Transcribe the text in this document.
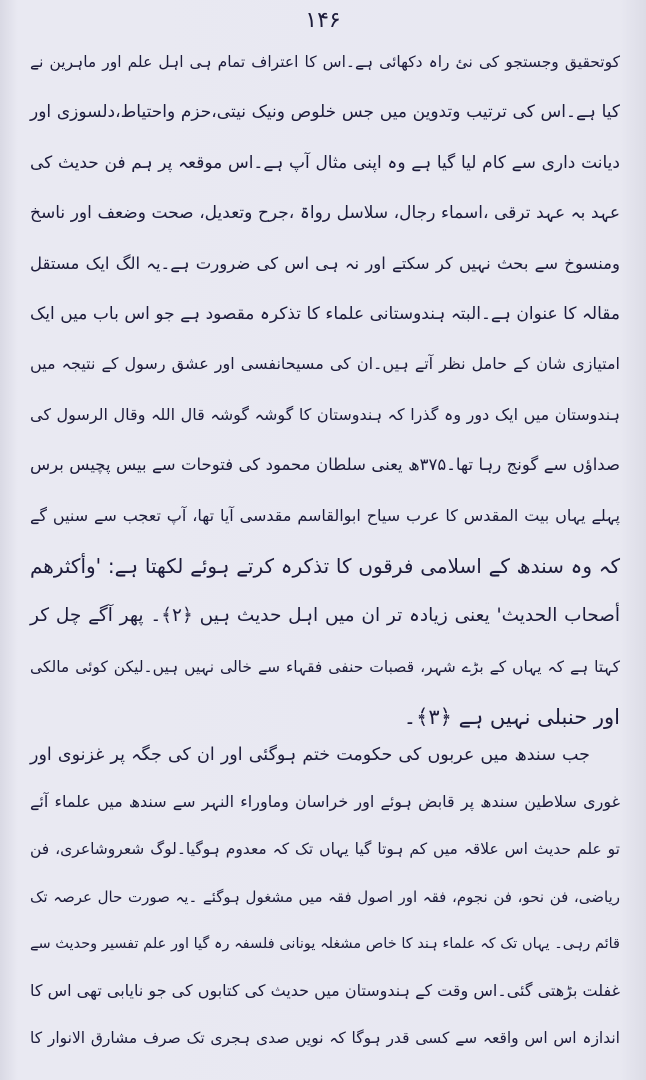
۱۴۶
کوتحقیق وجستجو کی نئ راہ دکھائی ہے۔اس کا اعتراف تمام ہی اہل علم اور ماہرین نے
کیا ہے۔اس کی ترتیب وتدوین میں جس خلوص ونیک نیتی،حزم واحتیاط،دلسوزی اور
دیانت داری سے کام لیا گیا ہے وہ اپنی مثال آپ ہے۔اس موقعہ پر ہم فن حدیث کی
عہد بہ عہد ترقی ،اسماء رجال، سلاسل رواۃ ،جرح وتعدیل، صحت وضعف اور ناسخ
ومنسوخ سے بحث نہیں کر سکتے اور نہ ہی اس کی ضرورت ہے۔یہ الگ ایک مستقل
مقالہ کا عنوان ہے۔البتہ ہندوستانی علماء کا تذکرہ مقصود ہے جو اس باب میں ایک
امتیازی شان کے حامل نظر آتے ہیں۔ان کی مسیحانفسی اور عشق رسول کے نتیجہ میں
ہندوستان میں ایک دور وہ گذرا کہ ہندوستان کا گوشہ گوشہ قال اللہ وقال الرسول کی
صداؤں سے گونج رہا تھا۔۳۷۵ھ یعنی سلطان محمود کی فتوحات سے بیس پچیس برس
پہلے یہاں بیت المقدس کا عرب سیاح ابوالقاسم مقدسی آیا تھا، آپ تعجب سے سنیں گے
کہ وہ سندھ کے اسلامی فرقوں کا تذکرہ کرتے ہوئے لکھتا ہے: 'وأكثرهم
أصحاب الحديث' یعنی زیادہ تر ان میں اہل حدیث ہیں ﴿۲﴾۔ پھر آگے چل کر
کہتا ہے کہ یہاں کے بڑے شہر، قصبات حنفی فقہاء سے خالی نہیں ہیں۔لیکن کوئی مالکی
اور حنبلی نہیں ہے ﴿۳﴾۔
جب سندھ میں عربوں کی حکومت ختم ہوگئی اور ان کی جگہ پر غزنوی اور
غوری سلاطین سندھ پر قابض ہوئے اور خراسان وماوراء النہر سے سندھ میں علماء آئے
تو علم حدیث اس علاقہ میں کم ہوتا گیا یہاں تک کہ معدوم ہوگیا۔لوگ شعروشاعری، فن
ریاضی، فن نحو، فن نجوم، فقہ اور اصول فقہ میں مشغول ہوگئے ۔یہ صورت حال عرصہ تک
قائم رہی۔ یہاں تک کہ علماء ہند کا خاص مشغلہ یونانی فلسفہ رہ گیا اور علم تفسیر وحدیث سے
غفلت بڑھتی گئی۔اس وقت کے ہندوستان میں حدیث کی کتابوں کی جو نایابی تھی اس کا
اندازہ اس اس واقعہ سے کسی قدر ہوگا کہ نویں صدی ہجری تک صرف مشارق الانوار کا
